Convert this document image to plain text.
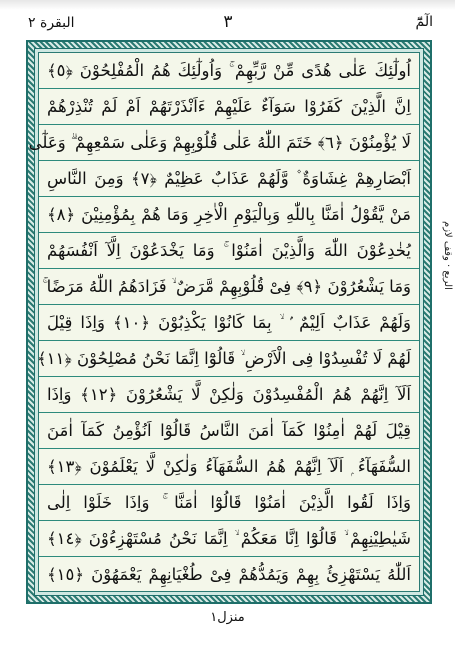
البقرة ٢	٣	الٓمّٓ
اُولٰٓئِكَ عَلٰى هُدًى مِّنْ رَّبِّهِمْ ۚ وَاُولٰٓئِكَ هُمُ الْمُفْلِحُوْنَ ﴿٥﴾
اِنَّ الَّذِيْنَ كَفَرُوْا سَوَآءٌ عَلَيْهِمْ ءَاَنْذَرْتَهُمْ اَمْ لَمْ تُنْذِرْهُمْ
لَا يُؤْمِنُوْنَ ﴿٦﴾ خَتَمَ اللّٰهُ عَلٰى قُلُوْبِهِمْ وَعَلٰى سَمْعِهِمْ ۗ وَعَلٰٓى
اَبْصَارِهِمْ غِشَاوَةٌ ۫ وَّلَهُمْ عَذَابٌ عَظِيْمٌ ﴿٧﴾ وَمِنَ النَّاسِ
مَنْ يَّقُوْلُ اٰمَنَّا بِاللّٰهِ وَبِالْيَوْمِ الْاٰخِرِ وَمَا هُمْ بِمُؤْمِنِيْنَ ﴿٨﴾
يُخٰدِعُوْنَ اللّٰهَ وَالَّذِيْنَ اٰمَنُوْا ۚ وَمَا يَخْدَعُوْنَ اِلَّآ اَنْفُسَهُمْ
وَمَا يَشْعُرُوْنَ ﴿٩﴾ فِىْ قُلُوْبِهِمْ مَّرَضٌ ۙ فَزَادَهُمُ اللّٰهُ مَرَضًا ۚ
وَلَهُمْ عَذَابٌ اَلِيْمٌ ۢ ۙ بِمَا كَانُوْا يَكْذِبُوْنَ ﴿١٠﴾ وَاِذَا قِيْلَ
لَهُمْ لَا تُفْسِدُوْا فِى الْاَرْضِ ۙ قَالُوْٓا اِنَّمَا نَحْنُ مُصْلِحُوْنَ ﴿١١﴾
اَلَآ اِنَّهُمْ هُمُ الْمُفْسِدُوْنَ وَلٰكِنْ لَّا يَشْعُرُوْنَ ﴿١٢﴾ وَاِذَا
قِيْلَ لَهُمْ اٰمِنُوْا كَمَآ اٰمَنَ النَّاسُ قَالُوْٓا اَنُؤْمِنُ كَمَآ اٰمَنَ
السُّفَهَآءُ ۭ اَلَآ اِنَّهُمْ هُمُ السُّفَهَآءُ وَلٰكِنْ لَّا يَعْلَمُوْنَ ﴿١٣﴾
وَاِذَا لَقُوا الَّذِيْنَ اٰمَنُوْا قَالُوْٓا اٰمَنَّا ۚ وَاِذَا خَلَوْا اِلٰى
شَيٰطِيْنِهِمْ ۙ قَالُوْٓا اِنَّا مَعَكُمْ ۙ اِنَّمَا نَحْنُ مُسْتَهْزِءُوْنَ ﴿١٤﴾
اَللّٰهُ يَسْتَهْزِئُ بِهِمْ وَيَمُدُّهُمْ فِىْ طُغْيَانِهِمْ يَعْمَهُوْنَ ﴿١٥﴾
الربع · وقف لازم
منزل١
